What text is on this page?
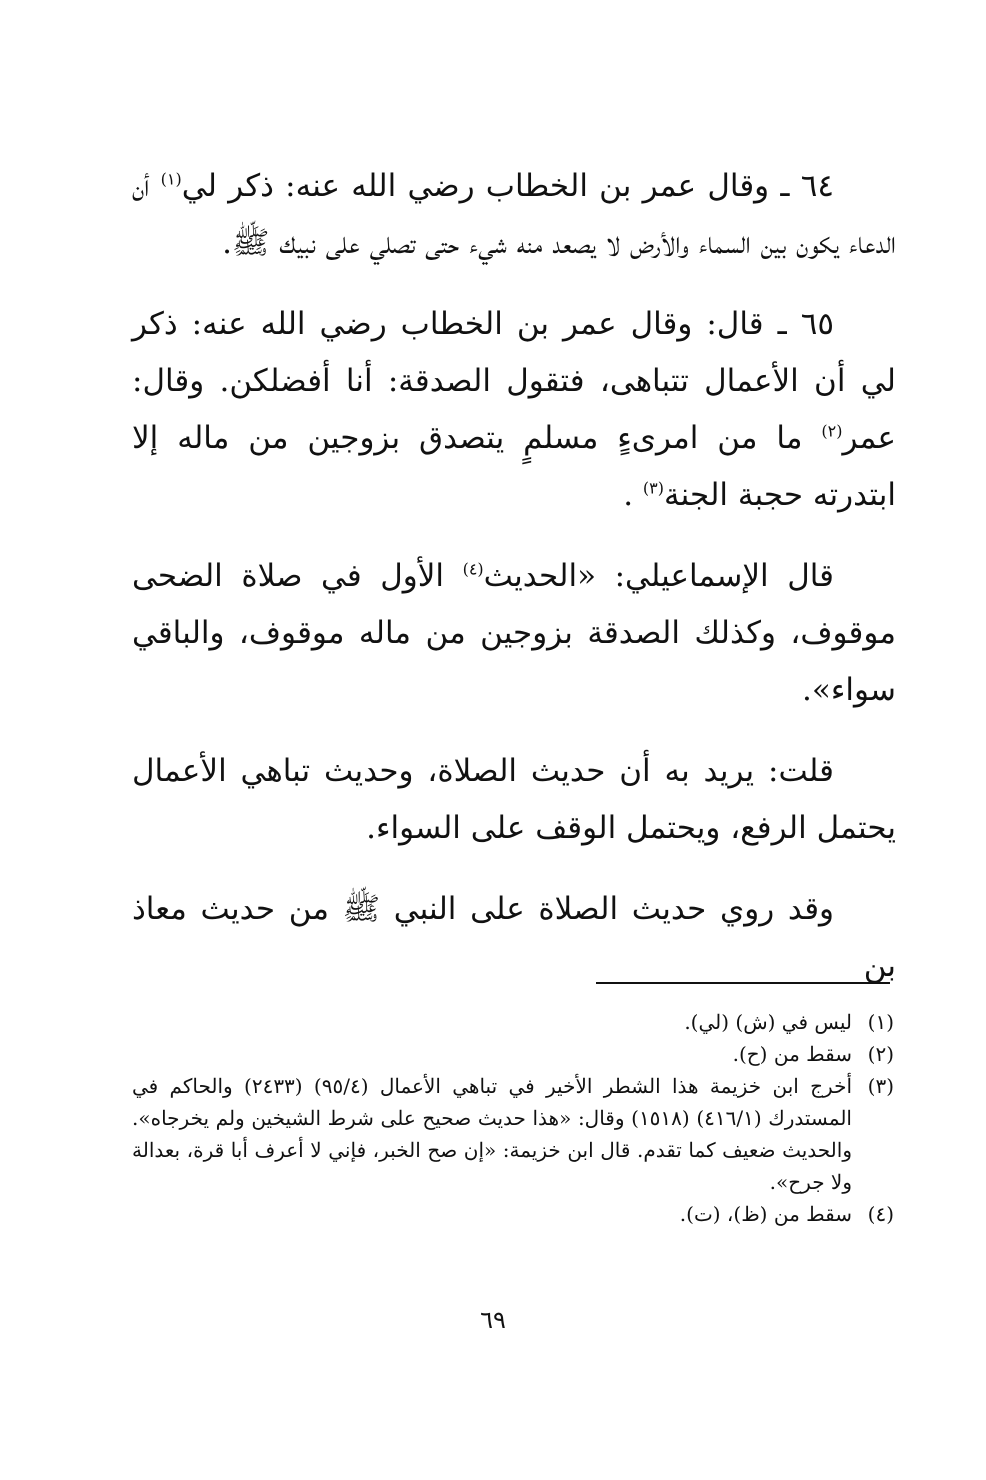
٦٤ ـ وقال عمر بن الخطاب رضي الله عنه: ذكر لي$^{(١)}$ أن الدعاء يكون بين السماء والأرض لا يصعد منه شيء حتى تصلي على نبيك ﷺ.

٦٥ ـ قال: وقال عمر بن الخطاب رضي الله عنه: ذكر لي أن الأعمال تتباهى، فتقول الصدقة: أنا أفضلكن. وقال: عمر$^{(٢)}$ ما من امرىءٍ مسلمٍ يتصدق بزوجين من ماله إلا ابتدرته حجبة الجنة$^{(٣)}$ .

قال الإسماعيلي: «الحديث$^{(٤)}$ الأول في صلاة الضحى موقوف، وكذلك الصدقة بزوجين من ماله موقوف، والباقي سواء».

قلت: يريد به أن حديث الصلاة، وحديث تباهي الأعمال يحتمل الرفع، ويحتمل الوقف على السواء.

وقد روي حديث الصلاة على النبي ﷺ من حديث معاذ بن

(١)
ليس في (ش) (لي).
(٢)
سقط من (ح).
(٣)
أخرج ابن خزيمة هذا الشطر الأخير في تباهي الأعمال (٩٥/٤) (٢٤٣٣) والحاكم في المستدرك (٤١٦/١) (١٥١٨) وقال: «هذا حديث صحيح على شرط الشيخين ولم يخرجاه». والحديث ضعيف كما تقدم. قال ابن خزيمة: «إن صح الخبر، فإني لا أعرف أبا قرة، بعدالة ولا جرح».
(٤)
سقط من (ظ)، (ت).
٦٩
